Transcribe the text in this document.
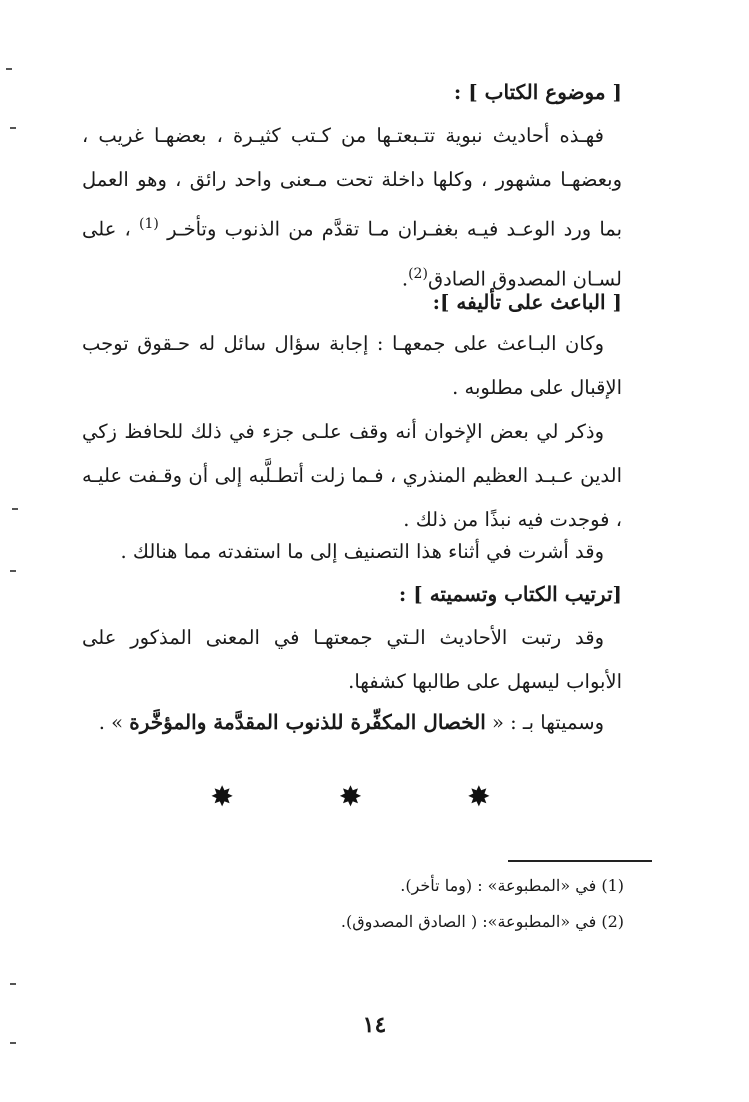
[ موضوع الكتاب ] :
فهـذه أحاديث نبوية تتـبعتـها من كـتب كثيـرة ، بعضهـا غريب ، وبعضهـا مشهور ، وكلها داخلة تحت مـعنى واحد رائق ، وهو العمل بما ورد الوعـد فيـه بغفـران مـا تقدَّم من الذنوب وتأخـر $^{(1)}$ ، على لسـان المصدوق الصادق$^{(2)}$.
[ الباعث على تأليفه ]:
وكان البـاعث على جمعهـا : إجابة سؤال سائل له حـقوق توجب الإقبال على مطلوبه .
وذكر لي بعض الإخوان أنه وقف علـى جزء في ذلك للحافظ زكي الدين عـبـد العظيم المنذري ، فـما زلت أتطـلَّبه إلى أن وقـفت عليـه ، فوجدت فيه نبذًا من ذلك .
وقد أشرت في أثناء هذا التصنيف إلى ما استفدته مما هنالك .
[ترتيب الكتاب وتسميته ] :
وقد رتبت الأحاديث الـتي جمعتهـا في المعنى المذكور على الأبواب ليسهل على طالبها كشفها.
وسميتها بـ : « الخصال المكفِّرة للذنوب المقدَّمة والمؤخَّرة » .
✸ ✸ ✸
(1) في «المطبوعة» : (وما تأخر).
(2) في «المطبوعة»: ( الصادق المصدوق).
١٤
